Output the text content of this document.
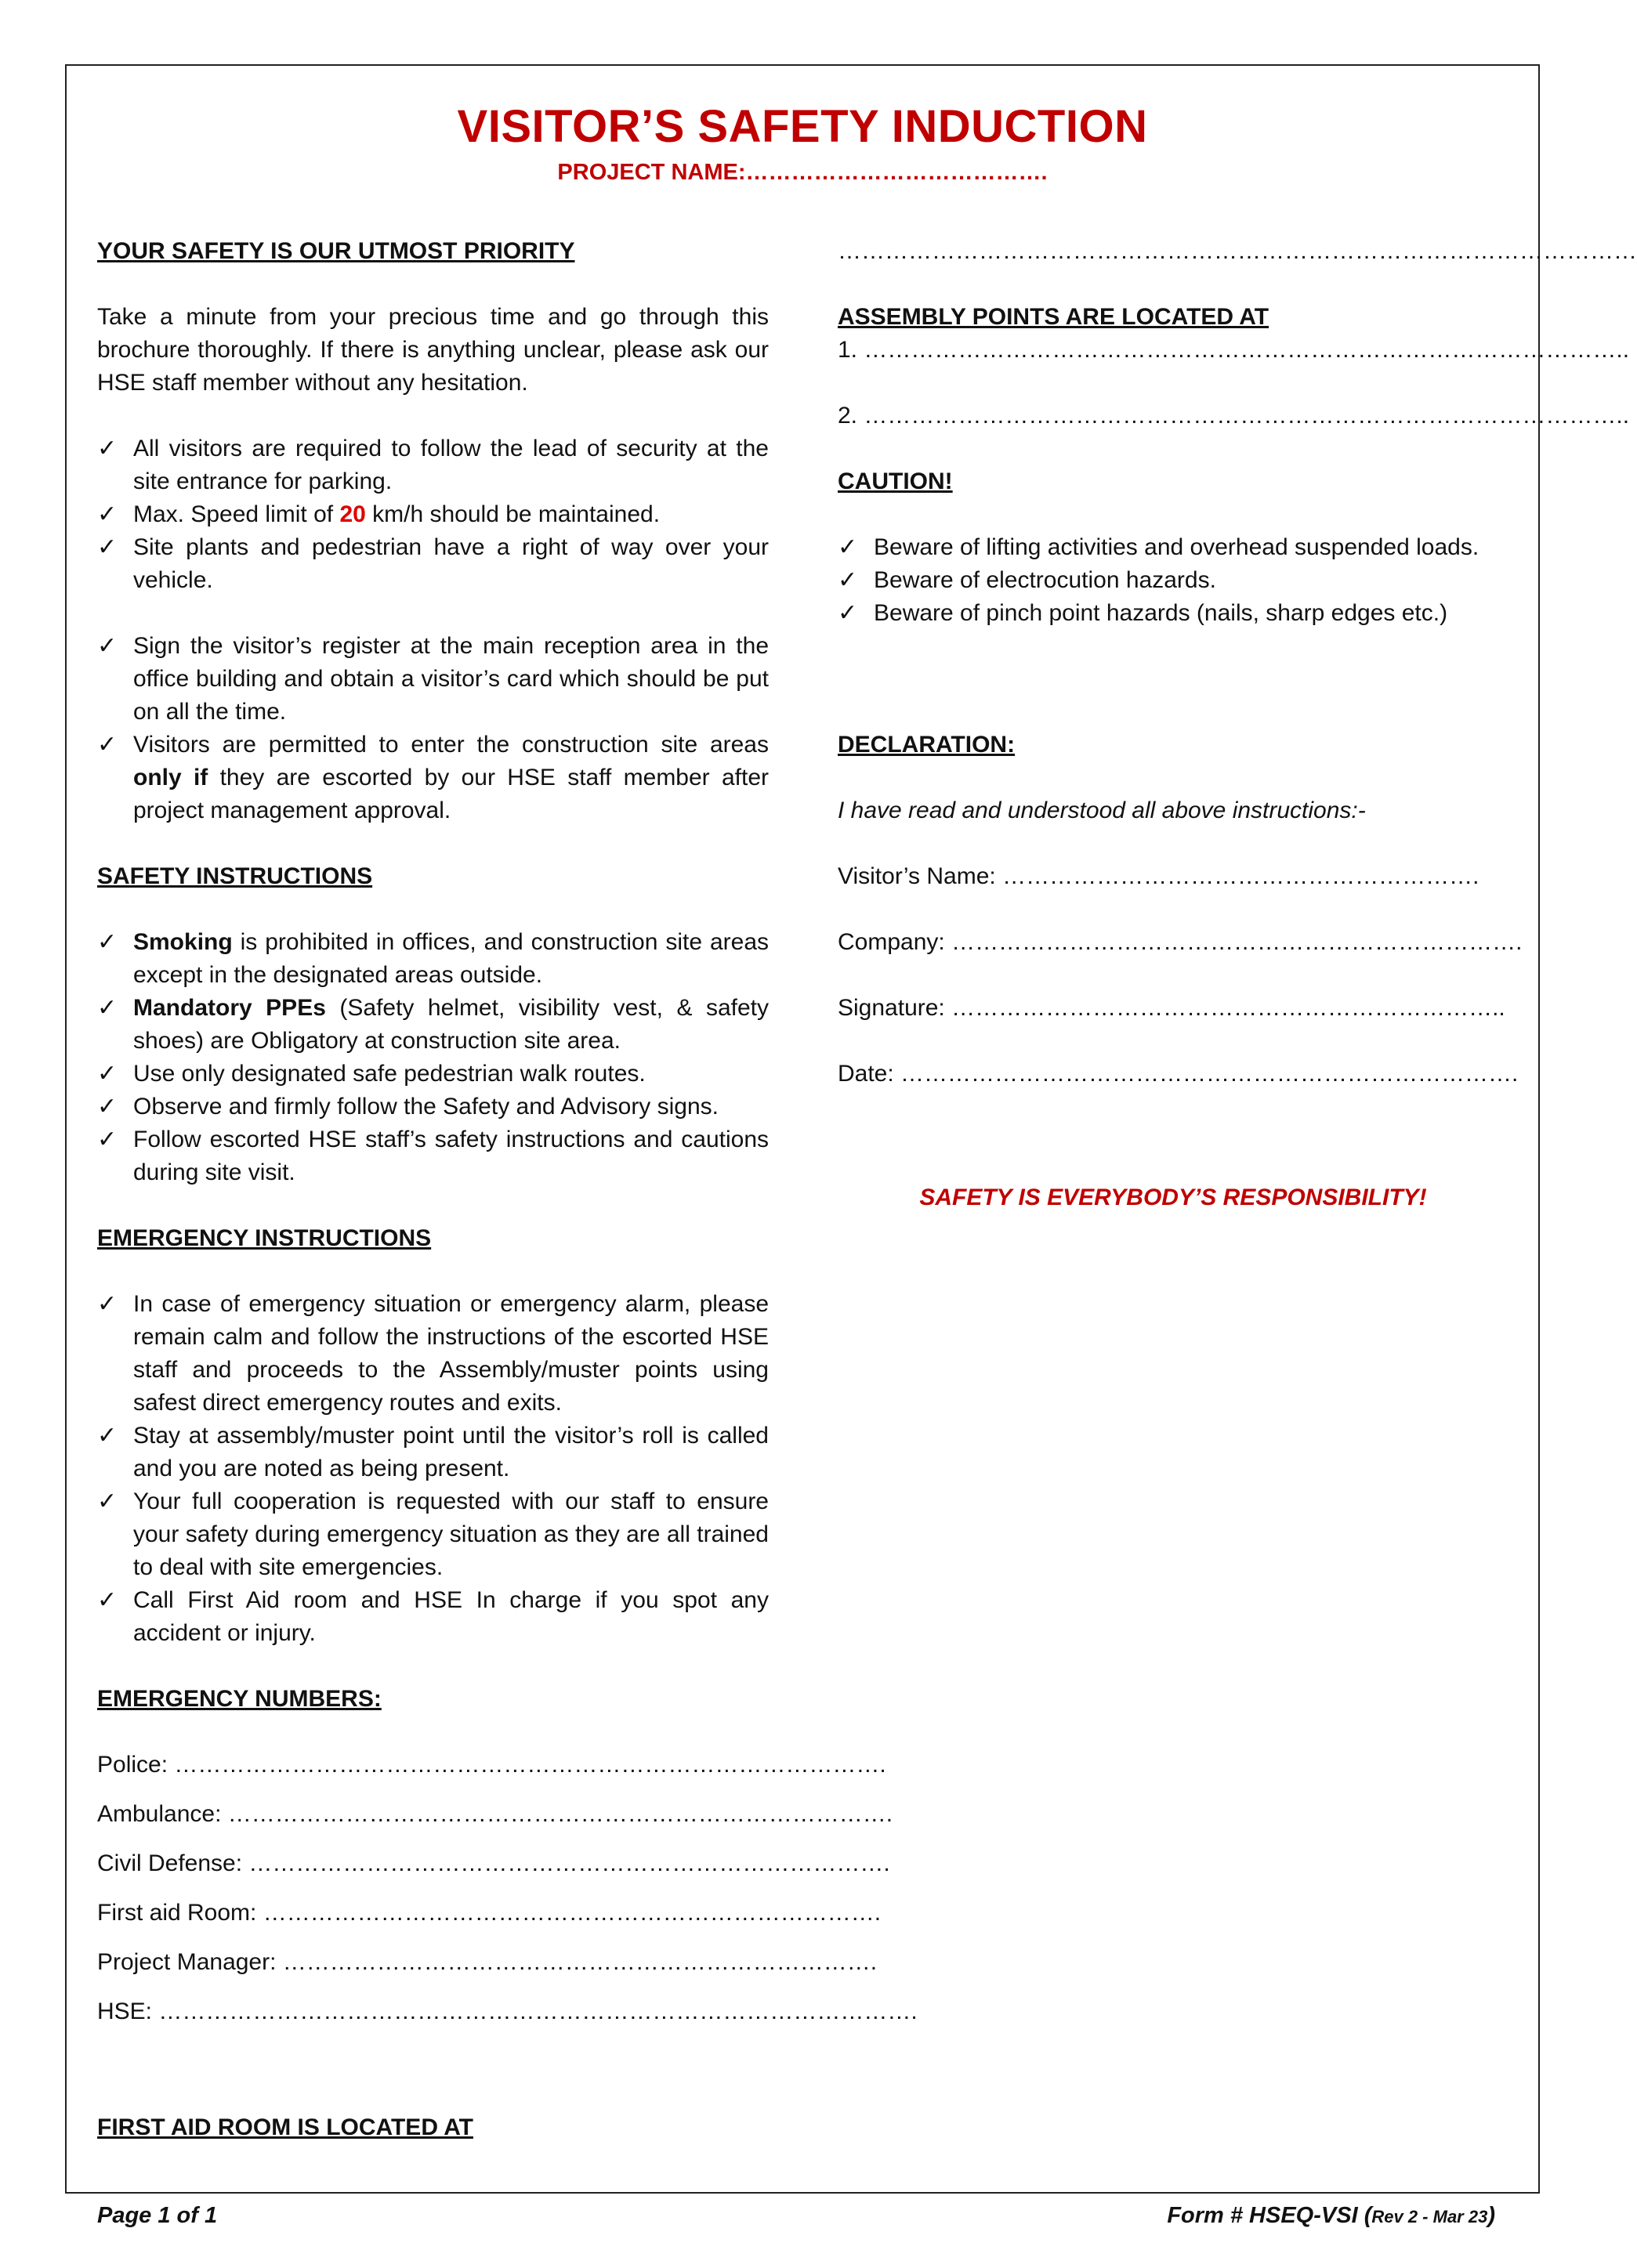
VISITOR’S SAFETY INDUCTION
PROJECT NAME:………………………………….

YOUR SAFETY IS OUR UTMOST PRIORITY

Take a minute from your precious time and go through this brochure thoroughly. If there is anything unclear, please ask our HSE staff member without any hesitation.

✓ All visitors are required to follow the lead of security at the site entrance for parking.
✓ Max. Speed limit of 20 km/h should be maintained.
✓ Site plants and pedestrian have a right of way over your vehicle.
✓ Sign the visitor’s register at the main reception area in the office building and obtain a visitor’s card which should be put on all the time.
✓ Visitors are permitted to enter the construction site areas only if they are escorted by our HSE staff member after project management approval.

SAFETY INSTRUCTIONS

✓ Smoking is prohibited in offices, and construction site areas except in the designated areas outside.
✓ Mandatory PPEs (Safety helmet, visibility vest, & safety shoes) are Obligatory at construction site area.
✓ Use only designated safe pedestrian walk routes.
✓ Observe and firmly follow the Safety and Advisory signs.
✓ Follow escorted HSE staff’s safety instructions and cautions during site visit.

EMERGENCY INSTRUCTIONS

✓ In case of emergency situation or emergency alarm, please remain calm and follow the instructions of the escorted HSE staff and proceeds to the Assembly/muster points using safest direct emergency routes and exits.
✓ Stay at assembly/muster point until the visitor’s roll is called and you are noted as being present.
✓ Your full cooperation is requested with our staff to ensure your safety during emergency situation as they are all trained to deal with site emergencies.
✓ Call First Aid room and HSE In charge if you spot any accident or injury.

EMERGENCY NUMBERS:

Police: ……………………………………………………………………………….

Ambulance: ………………………………………………………………………….

Civil Defense: ……………………………………………………………………….

First aid Room: …………………………………………………………………….

Project Manager: ………………………………………………………………….

HSE: …………………………………………………………………………………….

FIRST AID ROOM IS LOCATED AT

…………………………………………………………………………………………

ASSEMBLY POINTS ARE LOCATED AT

1. ……………………………………………………………………………………..

2. ……………………………………………………………………………………..

CAUTION!

✓ Beware of lifting activities and overhead suspended loads.
✓ Beware of electrocution hazards.
✓ Beware of pinch point hazards (nails, sharp edges etc.)

DECLARATION:

I have read and understood all above instructions:-

Visitor’s Name: …………………………………………………….

Company: ……………………………………………………………….

Signature: ……………………………………………………………..

Date: …………………………………………………………………….

SAFETY IS EVERYBODY’S RESPONSIBILITY!

Page 1 of 1	Form # HSEQ-VSI (Rev 2 - Mar 23)
